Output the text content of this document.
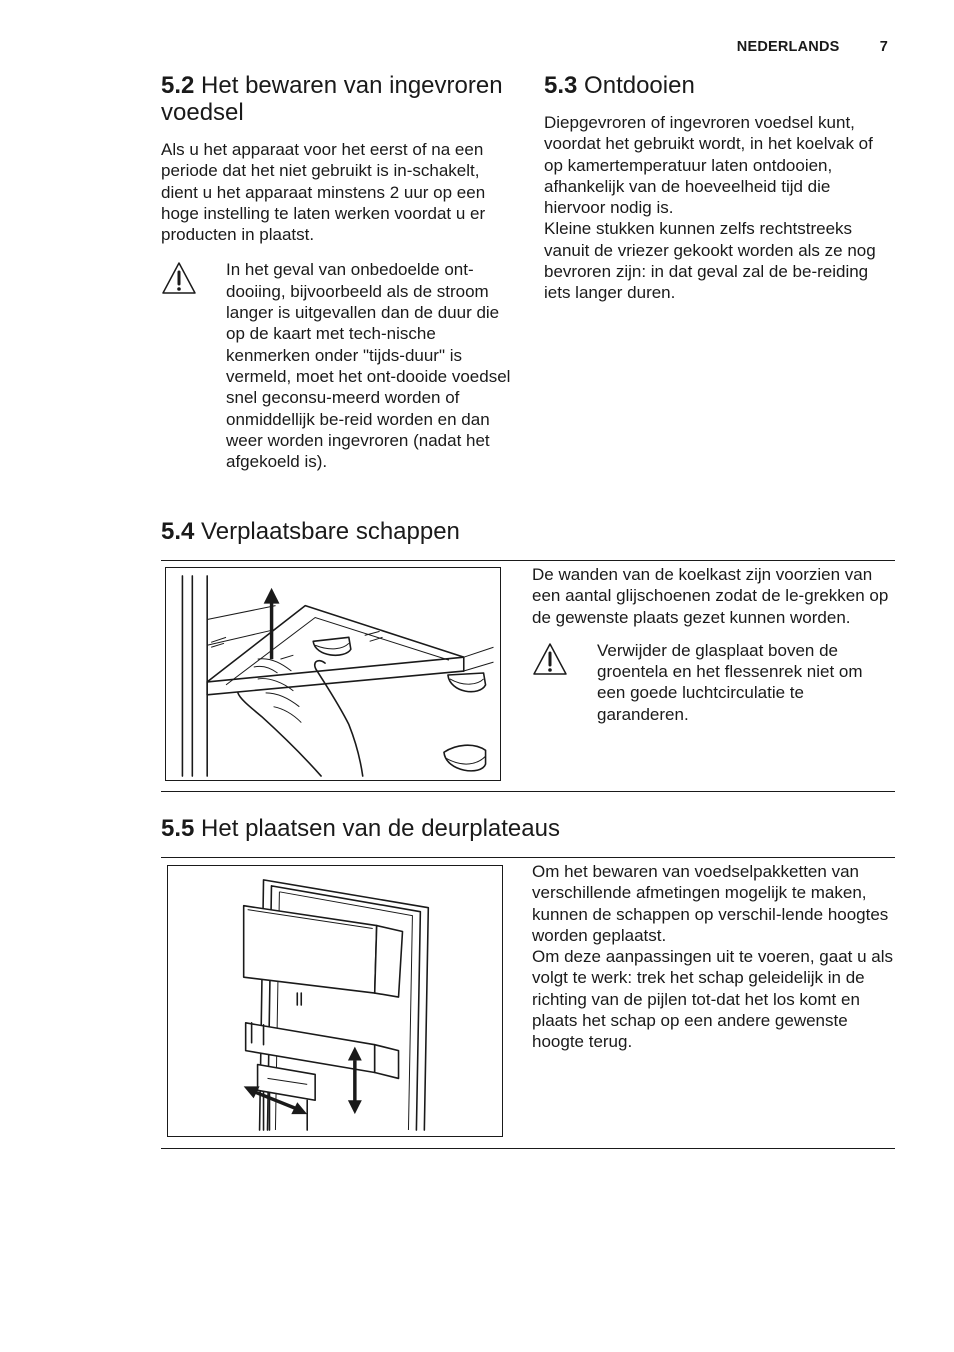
NEDERLANDS	7
5.2 Het bewaren van ingevroren voedsel

Als u het apparaat voor het eerst of na een periode dat het niet gebruikt is in-schakelt, dient u het apparaat minstens 2 uur op een hoge instelling te laten werken voordat u er producten in plaatst.

In het geval van onbedoelde ont-dooiing, bijvoorbeeld als de stroom langer is uitgevallen dan de duur die op de kaart met tech-nische kenmerken onder "tijds-duur" is vermeld, moet het ont-dooide voedsel snel geconsu-meerd worden of onmiddellijk be-reid worden en dan weer worden ingevroren (nadat het afgekoeld is).

5.3 Ontdooien

Diepgevroren of ingevroren voedsel kunt, voordat het gebruikt wordt, in het koelvak of op kamertemperatuur laten ontdooien, afhankelijk van de hoeveelheid tijd die hiervoor nodig is.

Kleine stukken kunnen zelfs rechtstreeks vanuit de vriezer gekookt worden als ze nog bevroren zijn: in dat geval zal de be-reiding iets langer duren.

5.4 Verplaatsbare schappen

De wanden van de koelkast zijn voorzien van een aantal glijschoenen zodat de le-grekken op de gewenste plaats gezet kunnen worden.

Verwijder de glasplaat boven de groentela en het flessenrek niet om een goede luchtcirculatie te garanderen.

5.5 Het plaatsen van de deurplateaus

Om het bewaren van voedselpakketten van verschillende afmetingen mogelijk te maken, kunnen de schappen op verschil-lende hoogtes worden geplaatst.

Om deze aanpassingen uit te voeren, gaat u als volgt te werk: trek het schap geleidelijk in de richting van de pijlen tot-dat het los komt en plaats het schap op een andere gewenste hoogte terug.
